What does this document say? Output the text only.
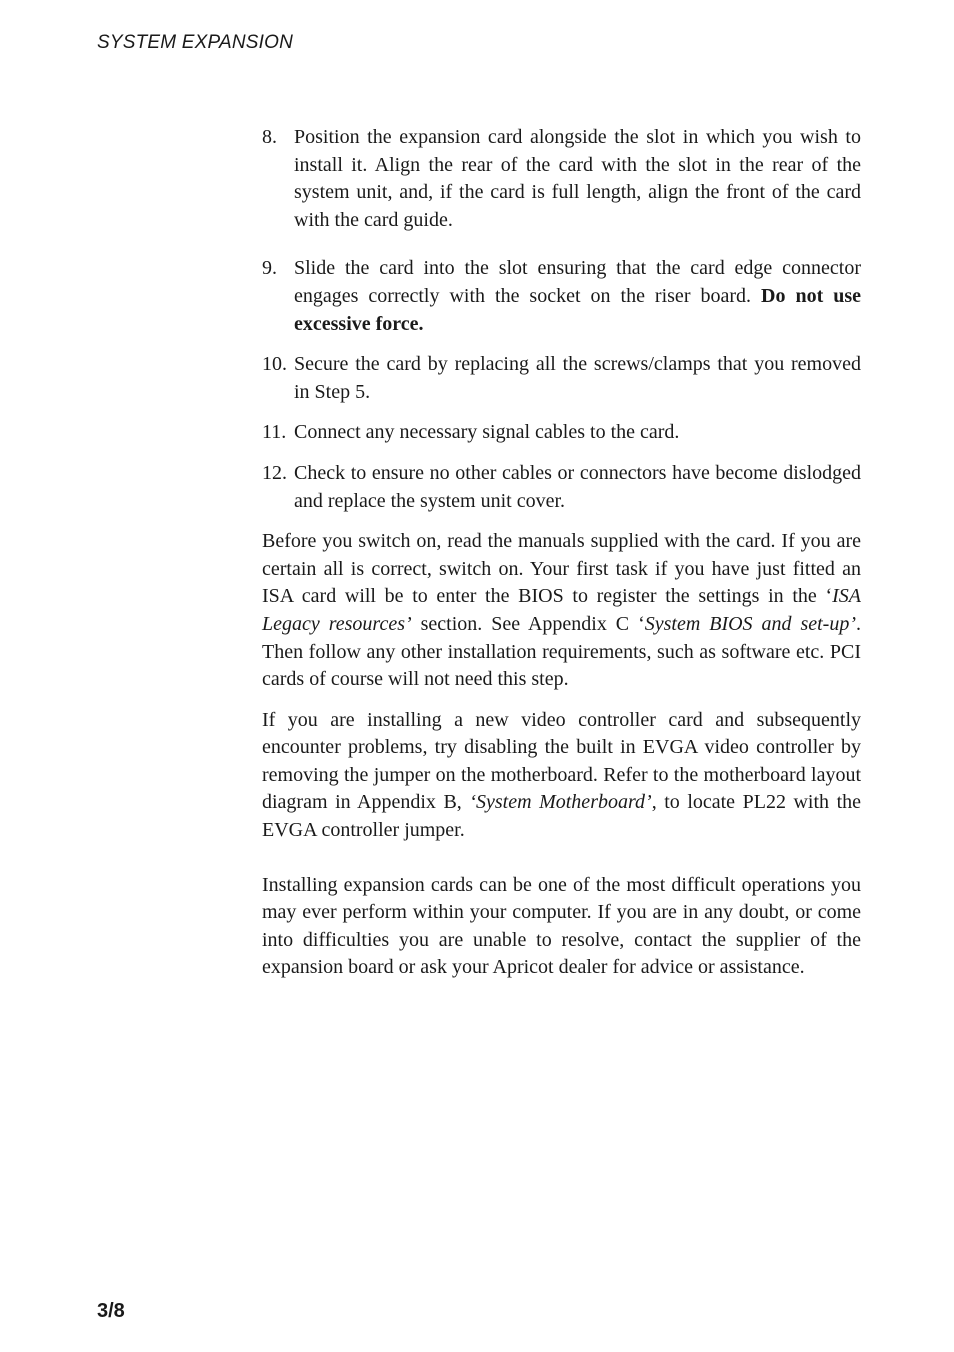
SYSTEM EXPANSION
8. Position the expansion card alongside the slot in which you wish to install it. Align the rear of the card with the slot in the rear of the system unit, and, if the card is full length, align the front of the card with the card guide.
9. Slide the card into the slot ensuring that the card edge connector engages correctly with the socket on the riser board. Do not use excessive force.
10. Secure the card by replacing all the screws/clamps that you removed in Step 5.
11. Connect any necessary signal cables to the card.
12. Check to ensure no other cables or connectors have become dislodged and replace the system unit cover.

Before you switch on, read the manuals supplied with the card. If you are certain all is correct, switch on. Your first task if you have just fitted an ISA card will be to enter the BIOS to register the settings in the ‘ISA Legacy resources’ section. See Appendix C ‘System BIOS and set-up’. Then follow any other installation requirements, such as software etc. PCI cards of course will not need this step.

If you are installing a new video controller card and subsequently encounter problems, try disabling the built in EVGA video controller by removing the jumper on the motherboard. Refer to the motherboard layout diagram in Appendix B, ‘System Motherboard’, to locate PL22 with the EVGA controller jumper.

Installing expansion cards can be one of the most difficult operations you may ever perform within your computer. If you are in any doubt, or come into difficulties you are unable to resolve, contact the supplier of the expansion board or ask your Apricot dealer for advice or assistance.

3/8
